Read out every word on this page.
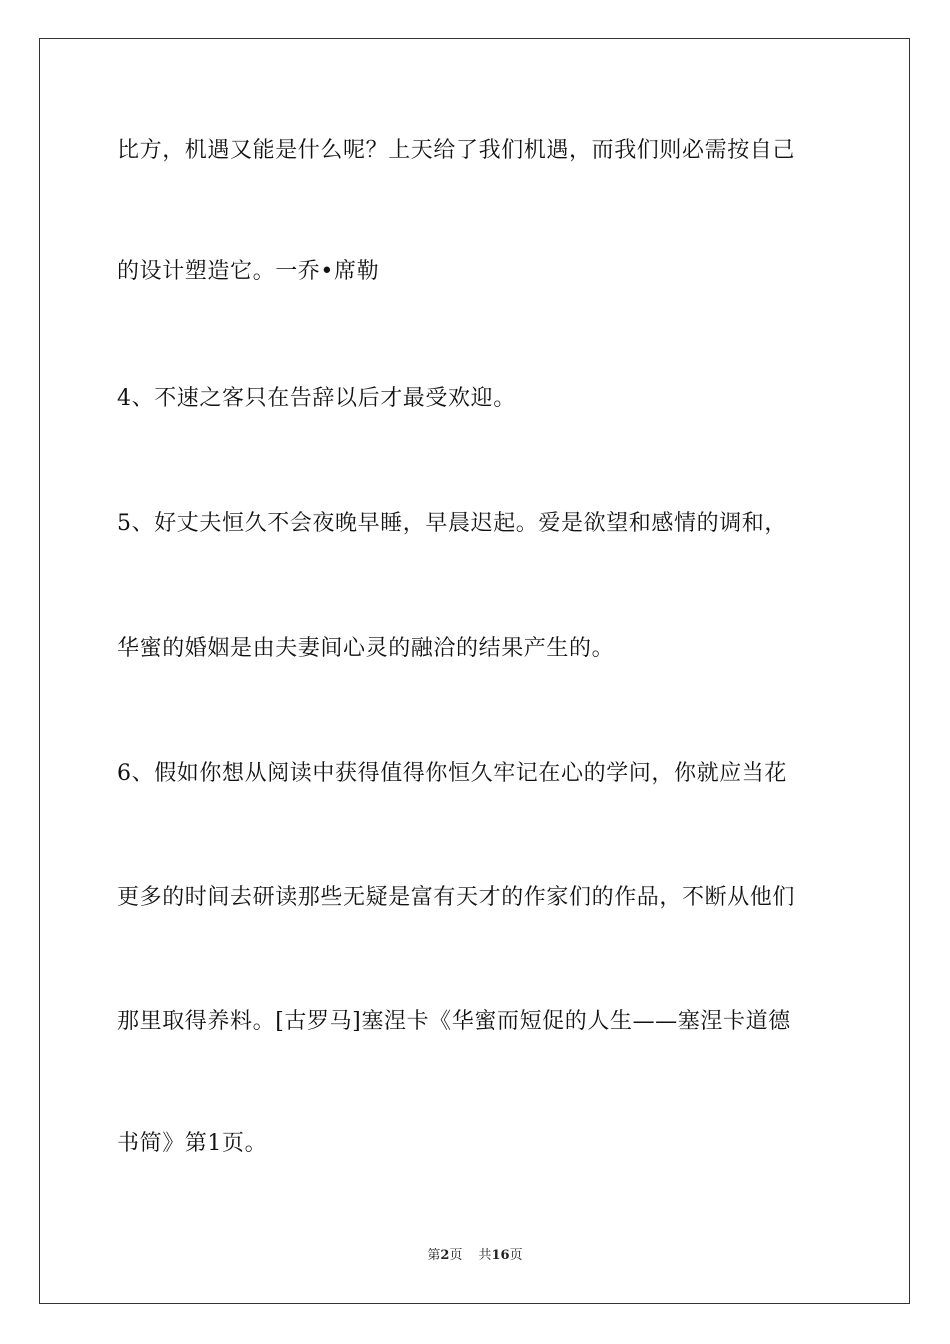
比方，机遇又能是什么呢？上天给了我们机遇，而我们则必需按自己
的设计塑造它。一乔•席勒
4、不速之客只在告辞以后才最受欢迎。
5、好丈夫恒久不会夜晚早睡，早晨迟起。爱是欲望和感情的调和，
华蜜的婚姻是由夫妻间心灵的融洽的结果产生的。
6、假如你想从阅读中获得值得你恒久牢记在心的学问，你就应当花
更多的时间去研读那些无疑是富有天才的作家们的作品，不断从他们
那里取得养料。[古罗马]塞涅卡《华蜜而短促的人生——塞涅卡道德
书简》第1页。
第2页 共16页
